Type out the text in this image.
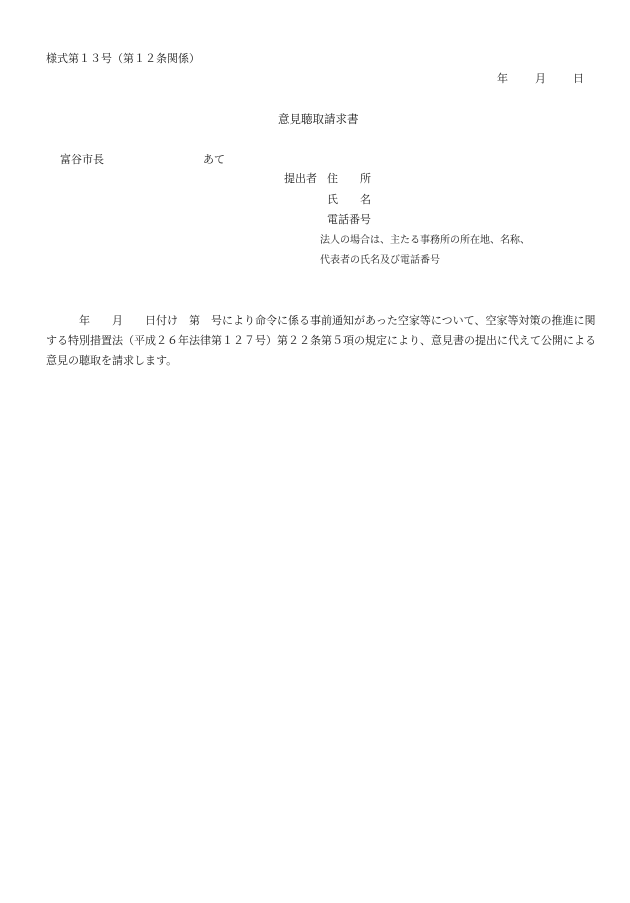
様式第１３号（第１２条関係）
年 月 日
意見聴取請求書
富谷市長	あて
提出者 住　　所
氏　　名
電話番号
法人の場合は、主たる事務所の所在地、名称、
代表者の氏名及び電話番号
　　　年　　月　　日付け　第　号により命令に係る事前通知があった空家等について、空家等対策の推進に関
する特別措置法（平成２６年法律第１２７号）第２２条第５項の規定により、意見書の提出に代えて公開による
意見の聴取を請求します。
